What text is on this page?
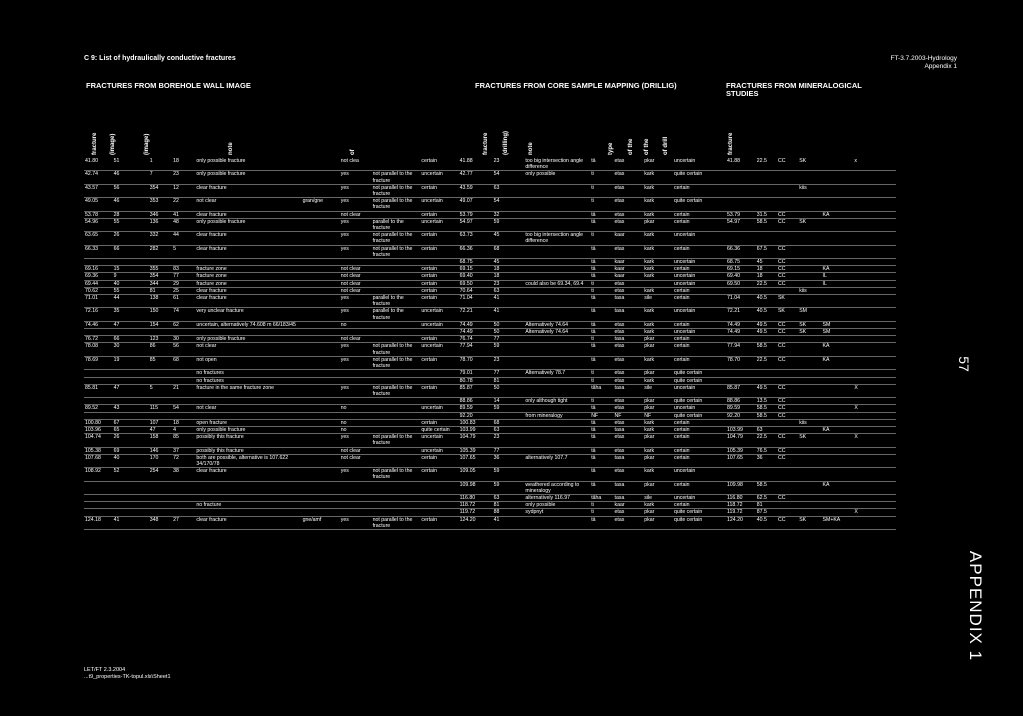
C 9: List of hydraulically conductive fractures	FT-3.7.2003-Hydrology
Appendix 1
FRACTURES FROM BOREHOLE WALL IMAGE	FRACTURES FROM CORE SAMPLE MAPPING (DRILLIG)	FRACTURES FROM MINERALOGICAL STUDIES
fracture (image)	(image)	note	of	fracture (drilling)	note	type of the of the of drill	fracture
41.80	51	1	18	only possible fracture		not clea		certain	41.88	23	too big intersection angle difference	tä	etas	pkar	uncertain	41.88	22.5	CC	SK		x
42.74	46	7	23	only possible fracture		yes	not parallel to the fracture	uncertain	42.77	54	only possible	ti	etas	kark	quite certain						
43.57	56	354	12	clear fracture		yes	not parallel to the fracture	certain	43.59	63		ti	etas	kark	certain				kiis		
49.05	46	353	22	not clear	gran/gne	yes	not parallel to the fracture	uncertain	49.07	54		ti	etas	kark	quite certain						
53.78	28	346	41	clear fracture		not clear		certain	53.79	32		tä	etas	kark	certain	53.79	31.5	CC		KA	
54.96	55	136	48	only possible fracture		yes	parallel to the fracture	uncertain	54.97	59		tä	etas	pkar	certain	54.97	58.5	CC	SK		
63.65	26	332	44	clear fracture		yes	not parallel to the fracture	certain	63.73	45	too big intersection angle difference	ti	kaar	kark	uncertain						
66.33	66	282	5	clear fracture		yes	not parallel to the fracture	certain	66.36	68		tä	etas	kark	certain	66.36	67.5	CC			
									68.75	45		tä	kaar	kark	uncertain	68.75	45	CC			
69.16	15	355	83	fracture zone		not clear		certain	69.15	18		tä	kaar	kark	certain	69.15	18	CC		KA	
69.36	9	354	77	fracture zone		not clear		certain	69.40	18		tä	kaar	kark	uncertain	69.40	18	CC		IL	
69.44	40	344	29	fracture zone		not clear		certain	69.50	23	could also be 69.34, 69.4	ti	etas		uncertain	69.50	22.5	CC		IL	
70.62	55	81	25	clear fracture		not clear		certain	70.64	63		ti	etas	kark	certain				kiis		
71.01	44	138	61	clear fracture		yes	parallel to the fracture	certain	71.04	41		tä	tasa	sile	certain	71.04	40.5	SK			
72.16	35	150	74	very unclear fracture		yes	parallel to the fracture	uncertain	72.21	41		tä	tasa	kark	uncertain	72.21	40.5	SK	SM		
74.46	47	154	62	uncertain, alternatively 74.608 m 66/183/45		no		uncertain	74.49	50	Alternatively 74.64	tä	etas	kark	certain	74.49	49.5	CC	SK	SM	
									74.49	50	Alternatively 74.64	tä	etas	kark	uncertain	74.49	49.5	CC	SK	SM	
76.72	66	123	30	only possible fracture		not clear		certain	76.74	77		ti	tasa	pkar	certain						
78.08	30	86	56	not clear		yes	not parallel to the fracture	uncertain	77.94	59		tä	etas	pkar	certain	77.94	58.5	CC		KA	
78.69	19	85	68	not open		yes	not parallel to the fracture	certain	78.70	23		tä	etas	kark	certain	78.70	22.5	CC		KA	
				no fractures					79.01	77	Alternatively 78.7	ti	etas	pkar	quite certain						
				no fractures					80.78	81		ti	etas	kark	quite certain						
85.81	47	5	21	fracture in the same fracture zone		yes	not parallel to the fracture	certain	85.87	50		tâha	tasa	sile	uncertain	85.87	49.5	CC			X
									88.86	14	only although tight	ti	etas	pkar	quite certain	88.86	13.5	CC			
89.52	43	115	54	not clear		no		uncertain	89.59	59		tä	etas	pkar	uncertain	89.59	58.5	CC			X
									92.20		from mineralogy	NF	NF	NF	quite certain	92.20	58.5	CC			
100.80	67	107	18	open fracture		no		certain	100.83	68		tä	etas	kark	certain				kiis		
103.96	65	47	4	only possible fracture		no		quite certain	103.99	63		tä	tasa	kark	certain	103.99	63			KA	
104.74	26	158	85	possibly this fracture		yes	not parallel to the fracture	uncertain	104.79	23		tä	etas	pkar	certain	104.79	22.5	CC	SK		X
105.38	69	146	37	possibly this fracture		not clear		uncertain	105.39	77		tä	etas	kark	certain	105.39	76.5	CC			
107.68	40	170	72	both are possible, alternative is 107.622 34/170/78		not clear		certain	107.65	36	alternatively 107.7	tä	tasa	pkar	certain	107.65	36	CC			
108.92	52	254	38	clear fracture		yes	not parallel to the fracture	certain	109.05	59		tä	etas	kark	uncertain						
									109.98	59	weathered according to mineralogy	tä	tasa	pkar	certain	109.98	58.5			KA	
									116.80	63	alternatively 116.97	tâha	tasa	sile	uncertain	116.80	62.5	CC			
				no fracture					118.72	81	only possible	ti	kaar	kark	certain	118.72	81				
									119.72	88	sydpnyt	ti	etas	pkar	quite certain	119.72	87.5				X
124.18	41	348	27	clear fracture	gne/amf	yes	not parallel to the fracture	certain	124.20	41		tä	etas	pkar	quite certain	124.20	40.5	CC	SK	SM+KA	
LET/FT 2.3.2004
...t9_properties-TK-topul.xls\Sheet1
57
APPENDIX 1
